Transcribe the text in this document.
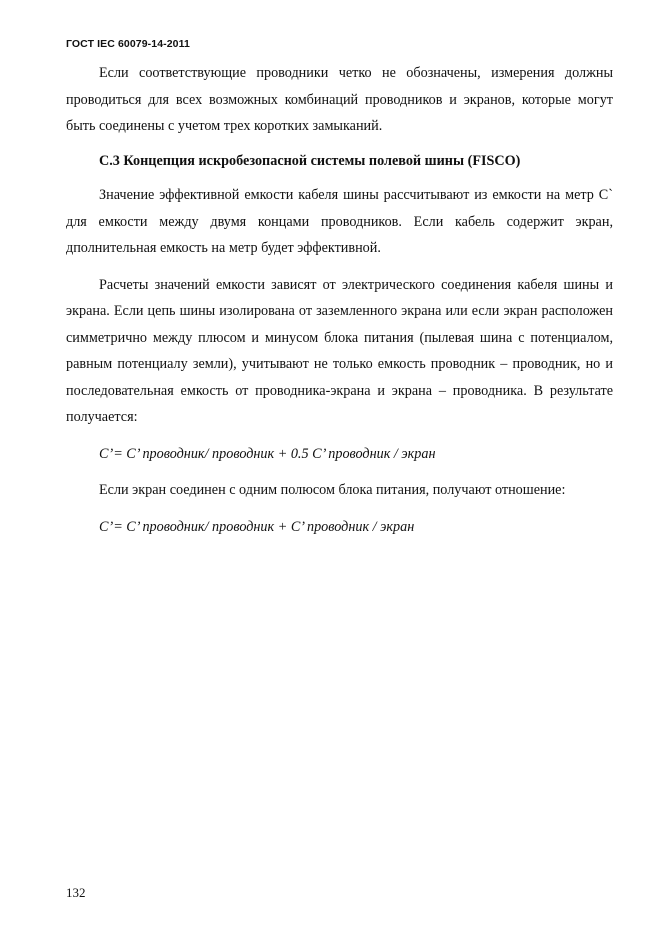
ГОСТ IEC 60079-14-2011

Если соответствующие проводники четко не обозначены, измерения должны проводиться для всех возможных комбинаций проводников и экранов, которые могут быть соединены с учетом трех коротких замыканий.

C.3 Концепция искробезопасной системы полевой шины (FISCO)

Значение эффективной емкости кабеля шины рассчитывают из емкости на метр C` для емкости между двумя концами проводников. Если кабель содержит экран, дполнительная емкость на метр будет эффективной.

Расчеты значений емкости зависят от электрического соединения кабеля шины и экрана. Если цепь шины изолирована от заземленного экрана или если экран расположен симметрично между плюсом и минусом блока питания (пылевая шина с потенциалом, равным потенциалу земли), учитывают не только емкость проводник – проводник, но и последовательная емкость от проводника-экрана и экрана – проводника. В результате получается:

C’= C’ проводник/ проводник + 0.5 C’ проводник / экран

Если экран соединен с одним полюсом блока питания, получают отношение:

C’= C’ проводник/ проводник + C’ проводник / экран

132
